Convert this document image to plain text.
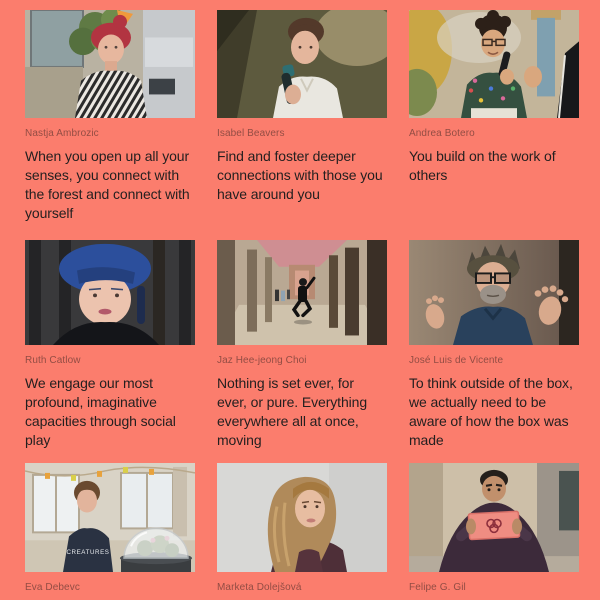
Nastja Ambrozic
When you open up all your senses, you connect with the forest and connect with yourself
Isabel Beavers
Find and foster deeper connections with those you have around you
Andrea Botero
You build on the work of others
Ruth Catlow
We engage our most profound, imaginative capacities through social play
Jaz Hee-jeong Choi
Nothing is set ever, for ever, or pure. Everything everywhere all at once, moving
José Luis de Vicente
To think outside of the box, we actually need to be aware of how the box was made
CREATURES
Eva Debevc	Marketa Dolejšová	Felipe G. Gil
